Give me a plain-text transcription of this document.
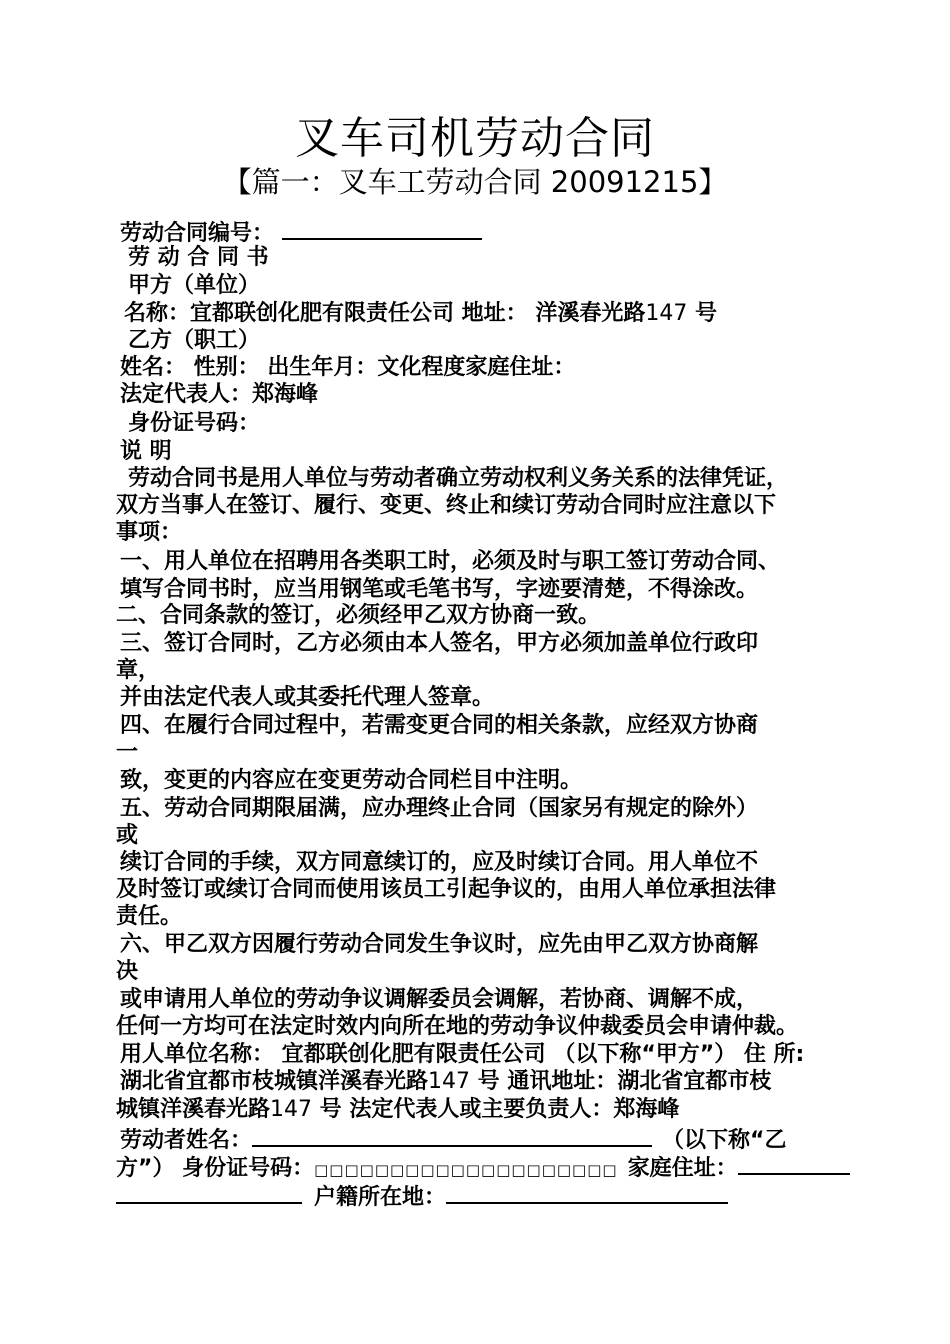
叉车司机劳动合同
【篇一：叉车工劳动合同 20091215】
劳动合同编号：
劳 动 合 同 书
甲方（单位）
名称：宜都联创化肥有限责任公司 地址： 洋溪春光路147 号
乙方（职工）
姓名： 性别： 出生年月：文化程度家庭住址：
法定代表人：郑海峰
身份证号码：
说 明
劳动合同书是用人单位与劳动者确立劳动权利义务关系的法律凭证，
双方当事人在签订、履行、变更、终止和续订劳动合同时应注意以下
事项：
一、用人单位在招聘用各类职工时，必须及时与职工签订劳动合同、
填写合同书时，应当用钢笔或毛笔书写，字迹要清楚，不得涂改。
二、合同条款的签订，必须经甲乙双方协商一致。
三、签订合同时，乙方必须由本人签名，甲方必须加盖单位行政印
章，
并由法定代表人或其委托代理人签章。
四、在履行合同过程中，若需变更合同的相关条款，应经双方协商
一
致，变更的内容应在变更劳动合同栏目中注明。
五、劳动合同期限届满，应办理终止合同（国家另有规定的除外）
或
续订合同的手续，双方同意续订的，应及时续订合同。用人单位不
及时签订或续订合同而使用该员工引起争议的，由用人单位承担法律
责任。
六、甲乙双方因履行劳动合同发生争议时，应先由甲乙双方协商解
决
或申请用人单位的劳动争议调解委员会调解，若协商、调解不成，
任何一方均可在法定时效内向所在地的劳动争议仲裁委员会申请仲裁。
用人单位名称： 宜都联创化肥有限责任公司 （以下称“甲方”） 住 所:
湖北省宜都市枝城镇洋溪春光路147 号 通讯地址：湖北省宜都市枝
城镇洋溪春光路147 号 法定代表人或主要负责人：郑海峰
劳动者姓名：	（以下称“乙
方”） 身份证号码：□□□□□□□□□□□□□□□□□□□□ 家庭住址：
户籍所在地：
